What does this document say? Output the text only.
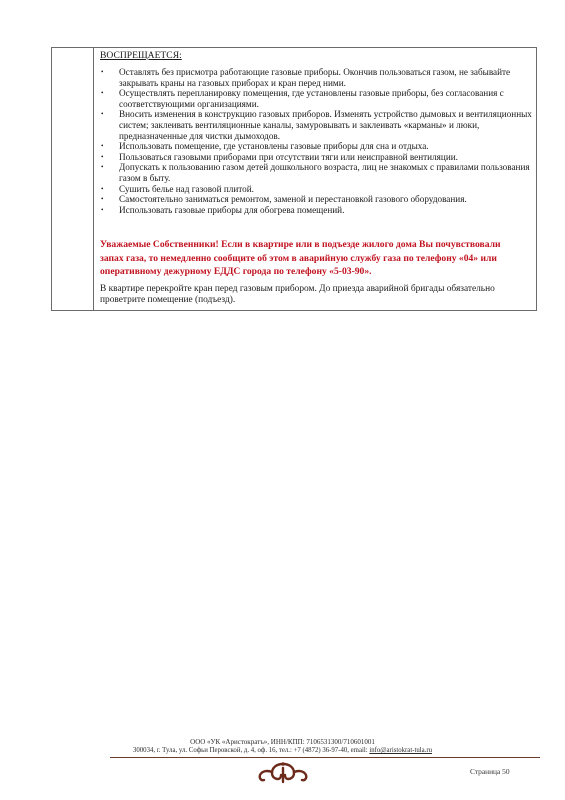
ВОСПРЕЩАЕТСЯ:
• Оставлять без присмотра работающие газовые приборы. Окончив пользоваться газом, не забывайте закрывать краны на газовых приборах и кран перед ними.
• Осуществлять перепланировку помещения, где установлены газовые приборы, без согласования с соответствующими организациями.
• Вносить изменения в конструкцию газовых приборов. Изменять устройство дымовых и вентиляционных систем; заклеивать вентиляционные каналы, замуровывать и заклеивать «карманы» и люки, предназначенные для чистки дымоходов.
• Использовать помещение, где установлены газовые приборы для сна и отдыха.
• Пользоваться газовыми приборами при отсутствии тяги или неисправной вентиляции.
• Допускать к пользованию газом детей дошкольного возраста, лиц не знакомых с правилами пользования газом в быту.
• Сушить белье над газовой плитой.
• Самостоятельно заниматься ремонтом, заменой и перестановкой газового оборудования.
• Использовать газовые приборы для обогрева помещений.
Уважаемые Собственники! Если в квартире или в подъезде жилого дома Вы почувствовали запах газа, то немедленно сообщите об этом в аварийную службу газа по телефону «04» или оперативному дежурному ЕДДС города по телефону «5-03-90».
В квартире перекройте кран перед газовым прибором. До приезда аварийной бригады обязательно проветрите помещение (подъезд).
ООО «УК «Аристократъ», ИНН/КПП: 7106531300/710601001
300034, г. Тула, ул. Софьи Перовской, д. 4, оф. 16, тел.: +7 (4872) 36-97-40, email: info@aristokrat-tula.ru
Страница 50
